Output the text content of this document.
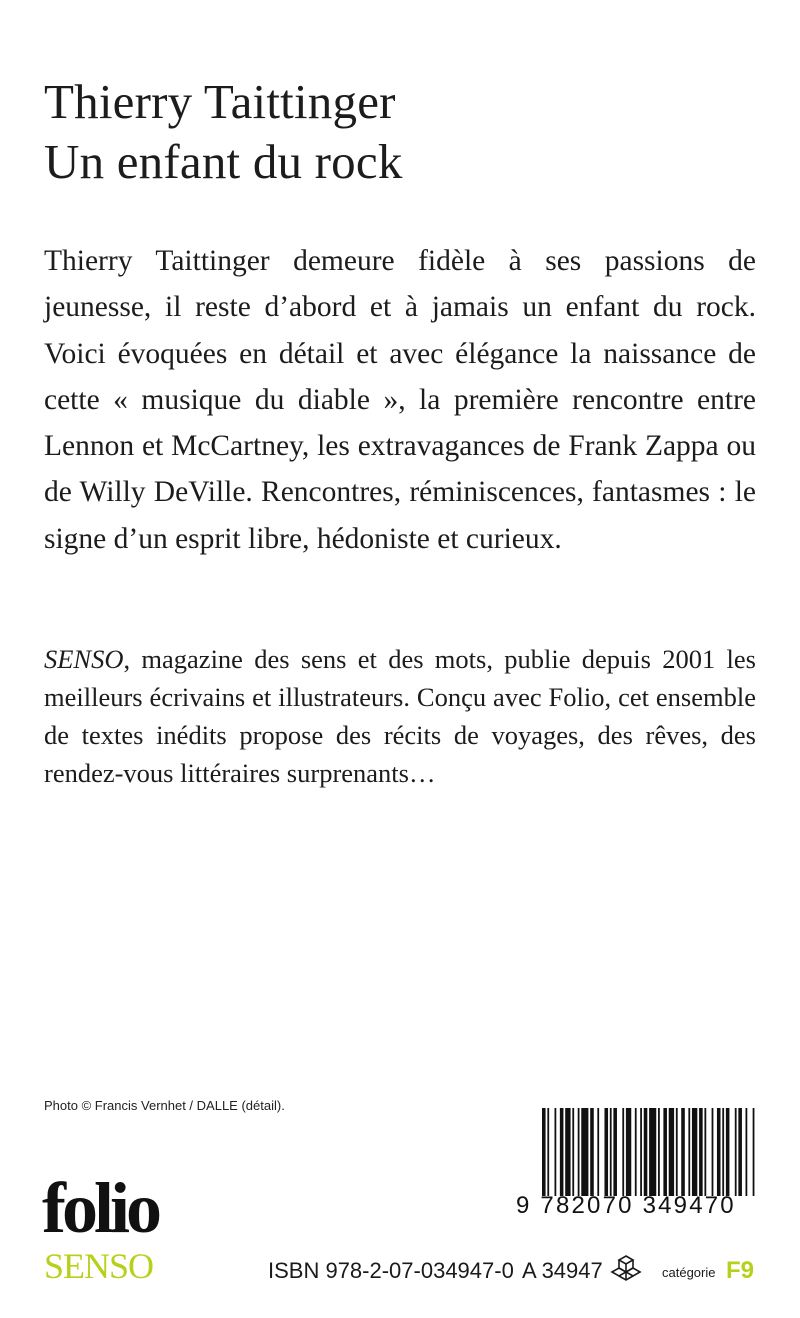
Thierry Taittinger
Un enfant du rock
Thierry Taittinger demeure fidèle à ses passions de jeunesse, il reste d’abord et à jamais un enfant du rock. Voici évoquées en détail et avec élégance la naissance de cette « musique du diable », la première rencontre entre Lennon et McCartney, les extravagances de Frank Zappa ou de Willy DeVille. Rencontres, réminiscences, fantasmes : le signe d’un esprit libre, hédoniste et curieux.
SENSO, magazine des sens et des mots, publie depuis 2001 les meilleurs écrivains et illustrateurs. Conçu avec Folio, cet ensemble de textes inédits propose des récits de voyages, des rêves, des rendez-vous littéraires surprenants…
Photo © Francis Vernhet / DALLE (détail).
folio
SENSO
9 782070 349470
ISBN 978-2-07-034947-0 A 34947	catégorie F9
